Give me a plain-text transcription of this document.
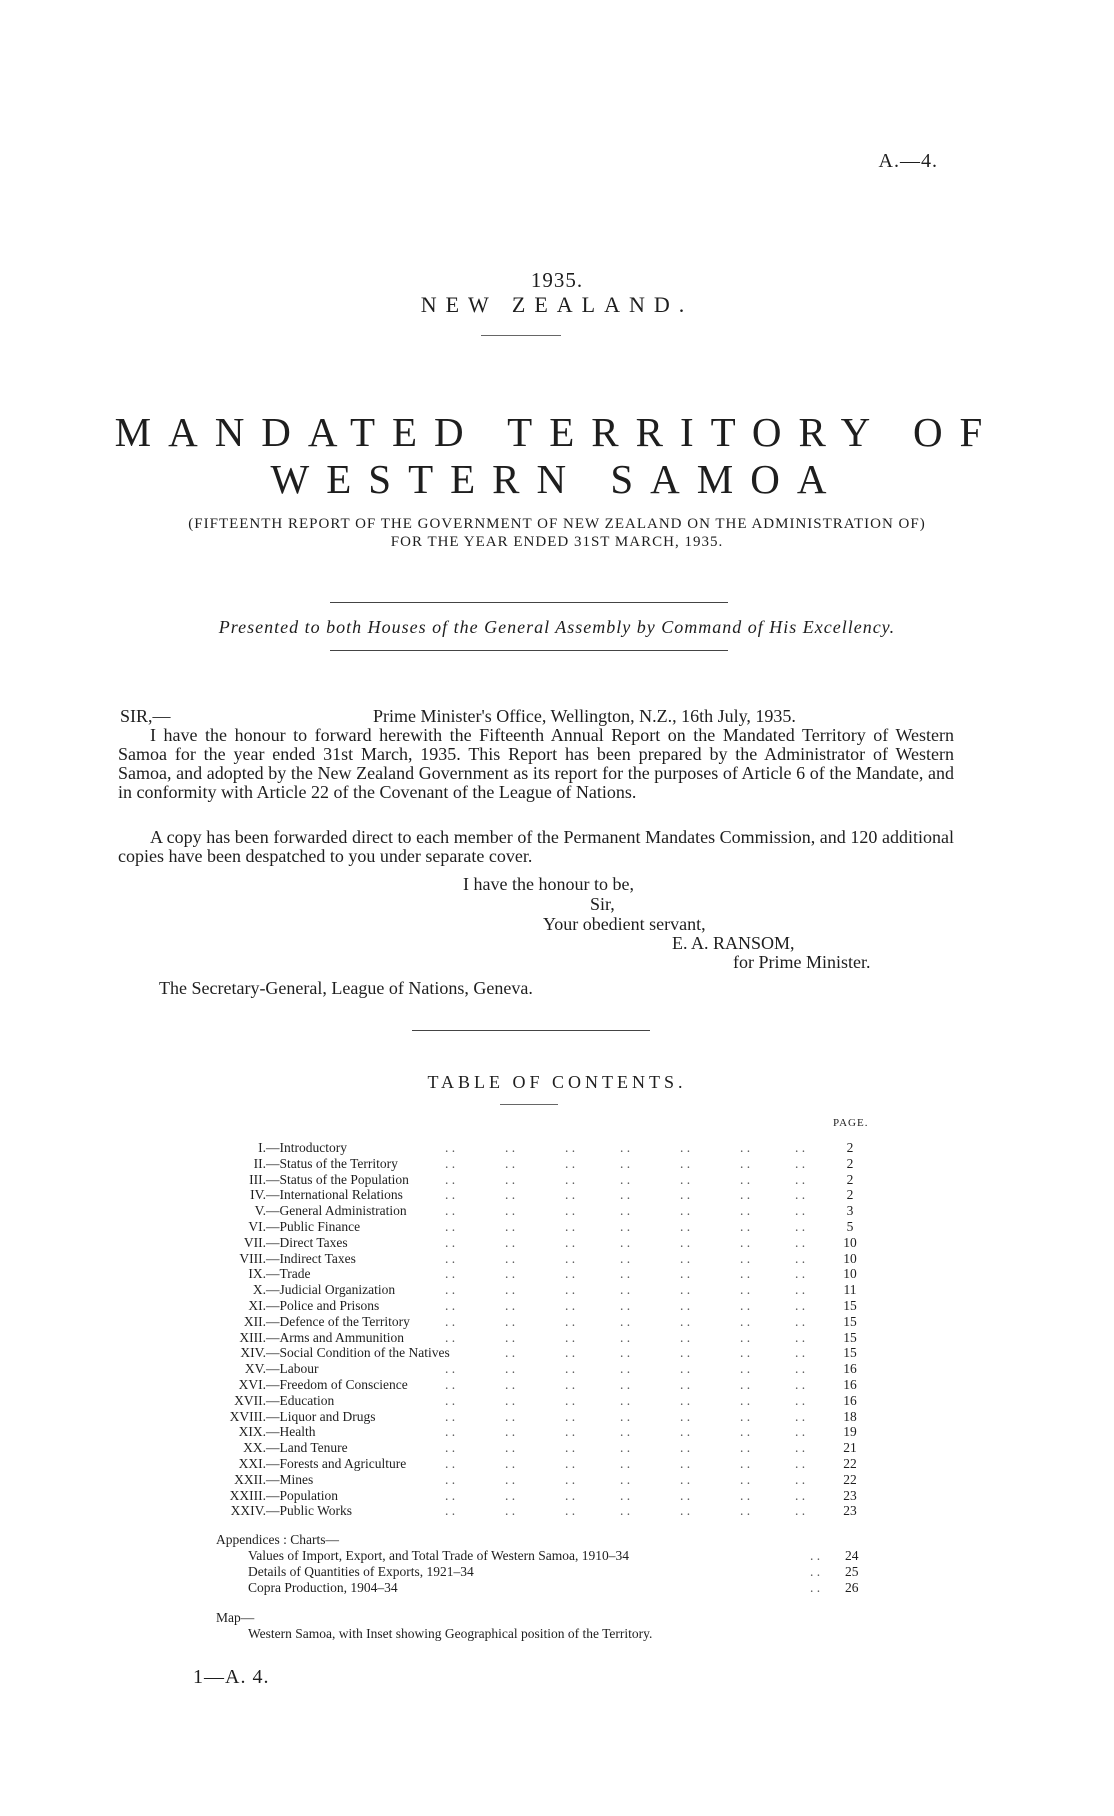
A.—4.
1935.
NEW ZEALAND.
MANDATED TERRITORY OF
WESTERN SAMOA
(FIFTEENTH REPORT OF THE GOVERNMENT OF NEW ZEALAND ON THE ADMINISTRATION OF)
FOR THE YEAR ENDED 31ST MARCH, 1935.
Presented to both Houses of the General Assembly by Command of His Excellency.
SIR,—	Prime Minister's Office, Wellington, N.Z., 16th July, 1935.
I have the honour to forward herewith the Fifteenth Annual Report on the Mandated Territory of Western Samoa for the year ended 31st March, 1935. This Report has been prepared by the Administrator of Western Samoa, and adopted by the New Zealand Government as its report for the purposes of Article 6 of the Mandate, and in conformity with Article 22 of the Covenant of the League of Nations.
A copy has been forwarded direct to each member of the Permanent Mandates Commission, and 120 additional copies have been despatched to you under separate cover.
I have the honour to be,
Sir,
Your obedient servant,
E. A. RANSOM,
for Prime Minister.
The Secretary-General, League of Nations, Geneva.
TABLE OF CONTENTS.
PAGE.
I. —Introductory	. .	. .	. .	. .	. .	. .	. .	2
II. —Status of the Territory	. .	. .	. .	. .	. .	. .	. .	2
III. —Status of the Population	. .	. .	. .	. .	. .	. .	. .	2
IV. —International Relations	. .	. .	. .	. .	. .	. .	. .	2
V. —General Administration	. .	. .	. .	. .	. .	. .	. .	3
VI. —Public Finance	. .	. .	. .	. .	. .	. .	. .	5
VII. —Direct Taxes	. .	. .	. .	. .	. .	. .	. .	10
VIII. —Indirect Taxes	. .	. .	. .	. .	. .	. .	. .	10
IX. —Trade	. .	. .	. .	. .	. .	. .	. .	10
X. —Judicial Organization	. .	. .	. .	. .	. .	. .	. .	11
XI. —Police and Prisons	. .	. .	. .	. .	. .	. .	. .	15
XII. —Defence of the Territory	. .	. .	. .	. .	. .	. .	. .	15
XIII. —Arms and Ammunition	. .	. .	. .	. .	. .	. .	. .	15
XIV. —Social Condition of the Natives	. .	. .	. .	. .	. .	. .	15
XV. —Labour	. .	. .	. .	. .	. .	. .	. .	16
XVI. —Freedom of Conscience	. .	. .	. .	. .	. .	. .	. .	16
XVII. —Education	. .	. .	. .	. .	. .	. .	. .	16
XVIII. —Liquor and Drugs	. .	. .	. .	. .	. .	. .	. .	18
XIX. —Health	. .	. .	. .	. .	. .	. .	. .	19
XX. —Land Tenure	. .	. .	. .	. .	. .	. .	. .	21
XXI. —Forests and Agriculture	. .	. .	. .	. .	. .	. .	. .	22
XXII. —Mines	. .	. .	. .	. .	. .	. .	. .	22
XXIII. —Population	. .	. .	. .	. .	. .	. .	. .	23
XXIV. —Public Works	. .	. .	. .	. .	. .	. .	. .	23
Appendices : Charts—
Values of Import, Export, and Total Trade of Western Samoa, 1910–34	. . 24
Details of Quantities of Exports, 1921–34	. . 25
Copra Production, 1904–34	. . 26
Map—
Western Samoa, with Inset showing Geographical position of the Territory.
1—A. 4.
